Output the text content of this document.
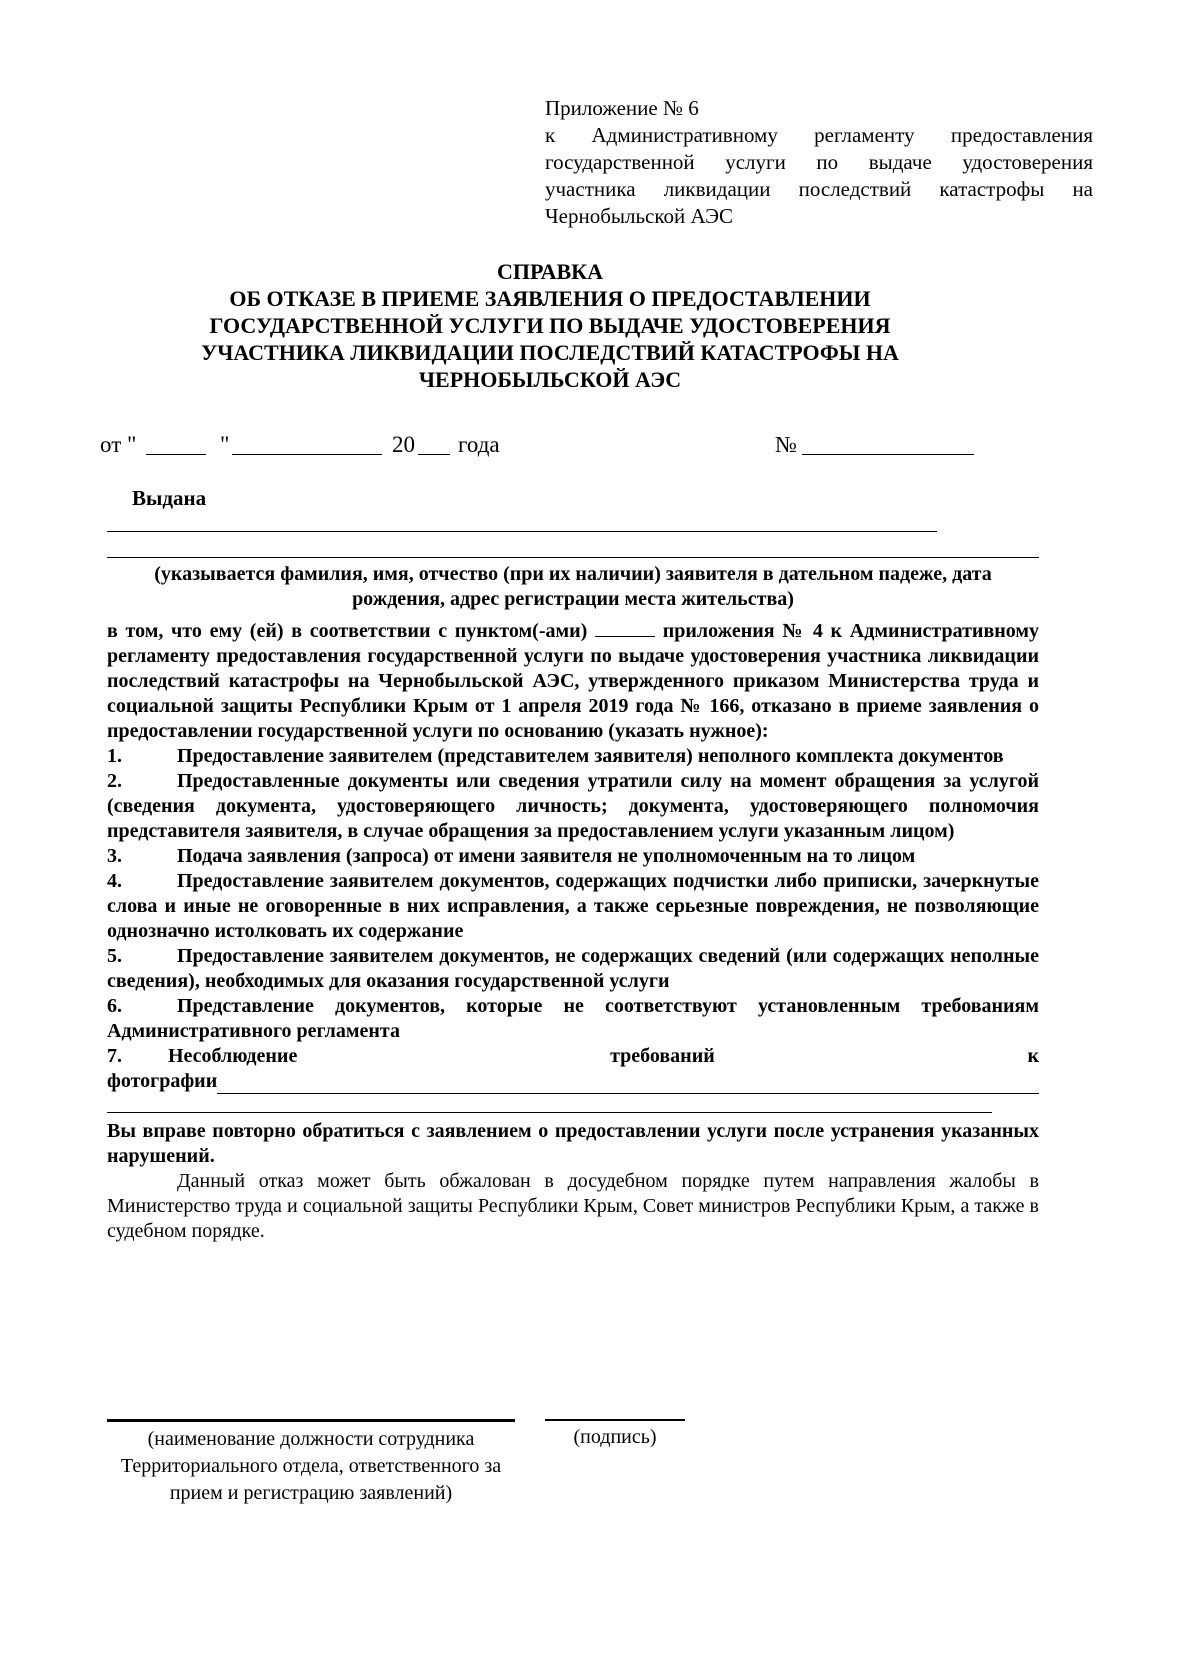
Приложение № 6
к Административному регламенту предоставления
государственной услуги по выдаче удостоверения
участника ликвидации последствий катастрофы на
Чернобыльской АЭС
СПРАВКА
ОБ ОТКАЗЕ В ПРИЕМЕ ЗАЯВЛЕНИЯ О ПРЕДОСТАВЛЕНИИ
ГОСУДАРСТВЕННОЙ УСЛУГИ ПО ВЫДАЧЕ УДОСТОВЕРЕНИЯ
УЧАСТНИКА ЛИКВИДАЦИИ ПОСЛЕДСТВИЙ КАТАСТРОФЫ НА
ЧЕРНОБЫЛЬСКОЙ АЭС
от "	"	20 года	№
Выдана
(указывается фамилия, имя, отчество (при их наличии) заявителя в дательном падеже, дата рождения, адрес регистрации места жительства)

в том, что ему (ей) в соответствии с пунктом(-ами)	приложения № 4 к Административному регламенту предоставления государственной услуги по выдаче удостоверения участника ликвидации последствий катастрофы на Чернобыльской АЭС, утвержденного приказом Министерства труда и социальной защиты Республики Крым от 1 апреля 2019 года № 166, отказано в приеме заявления о предоставлении государственной услуги по основанию (указать нужное):

1.	Предоставление заявителем (представителем заявителя) неполного комплекта документов
2.	Предоставленные документы или сведения утратили силу на момент обращения за услугой (сведения документа, удостоверяющего личность; документа, удостоверяющего полномочия представителя заявителя, в случае обращения за предоставлением услуги указанным лицом)
3.	Подача заявления (запроса) от имени заявителя не уполномоченным на то лицом
4.	Предоставление заявителем документов, содержащих подчистки либо приписки, зачеркнутые слова и иные не оговоренные в них исправления, а также серьезные повреждения, не позволяющие однозначно истолковать их содержание
5.	Предоставление заявителем документов, не содержащих сведений (или содержащих неполные сведения), необходимых для оказания государственной услуги
6.	Представление документов, которые не соответствуют установленным требованиям Административного регламента
7. Несоблюдение	требований	к
фотографии

Вы вправе повторно обратиться с заявлением о предоставлении услуги после устранения указанных нарушений.

Данный отказ может быть обжалован в досудебном порядке путем направления жалобы в Министерство труда и социальной защиты Республики Крым, Совет министров Республики Крым, а также в судебном порядке.

(наименование должности сотрудника Территориального отдела, ответственного за прием и регистрацию заявлений)
(подпись)
